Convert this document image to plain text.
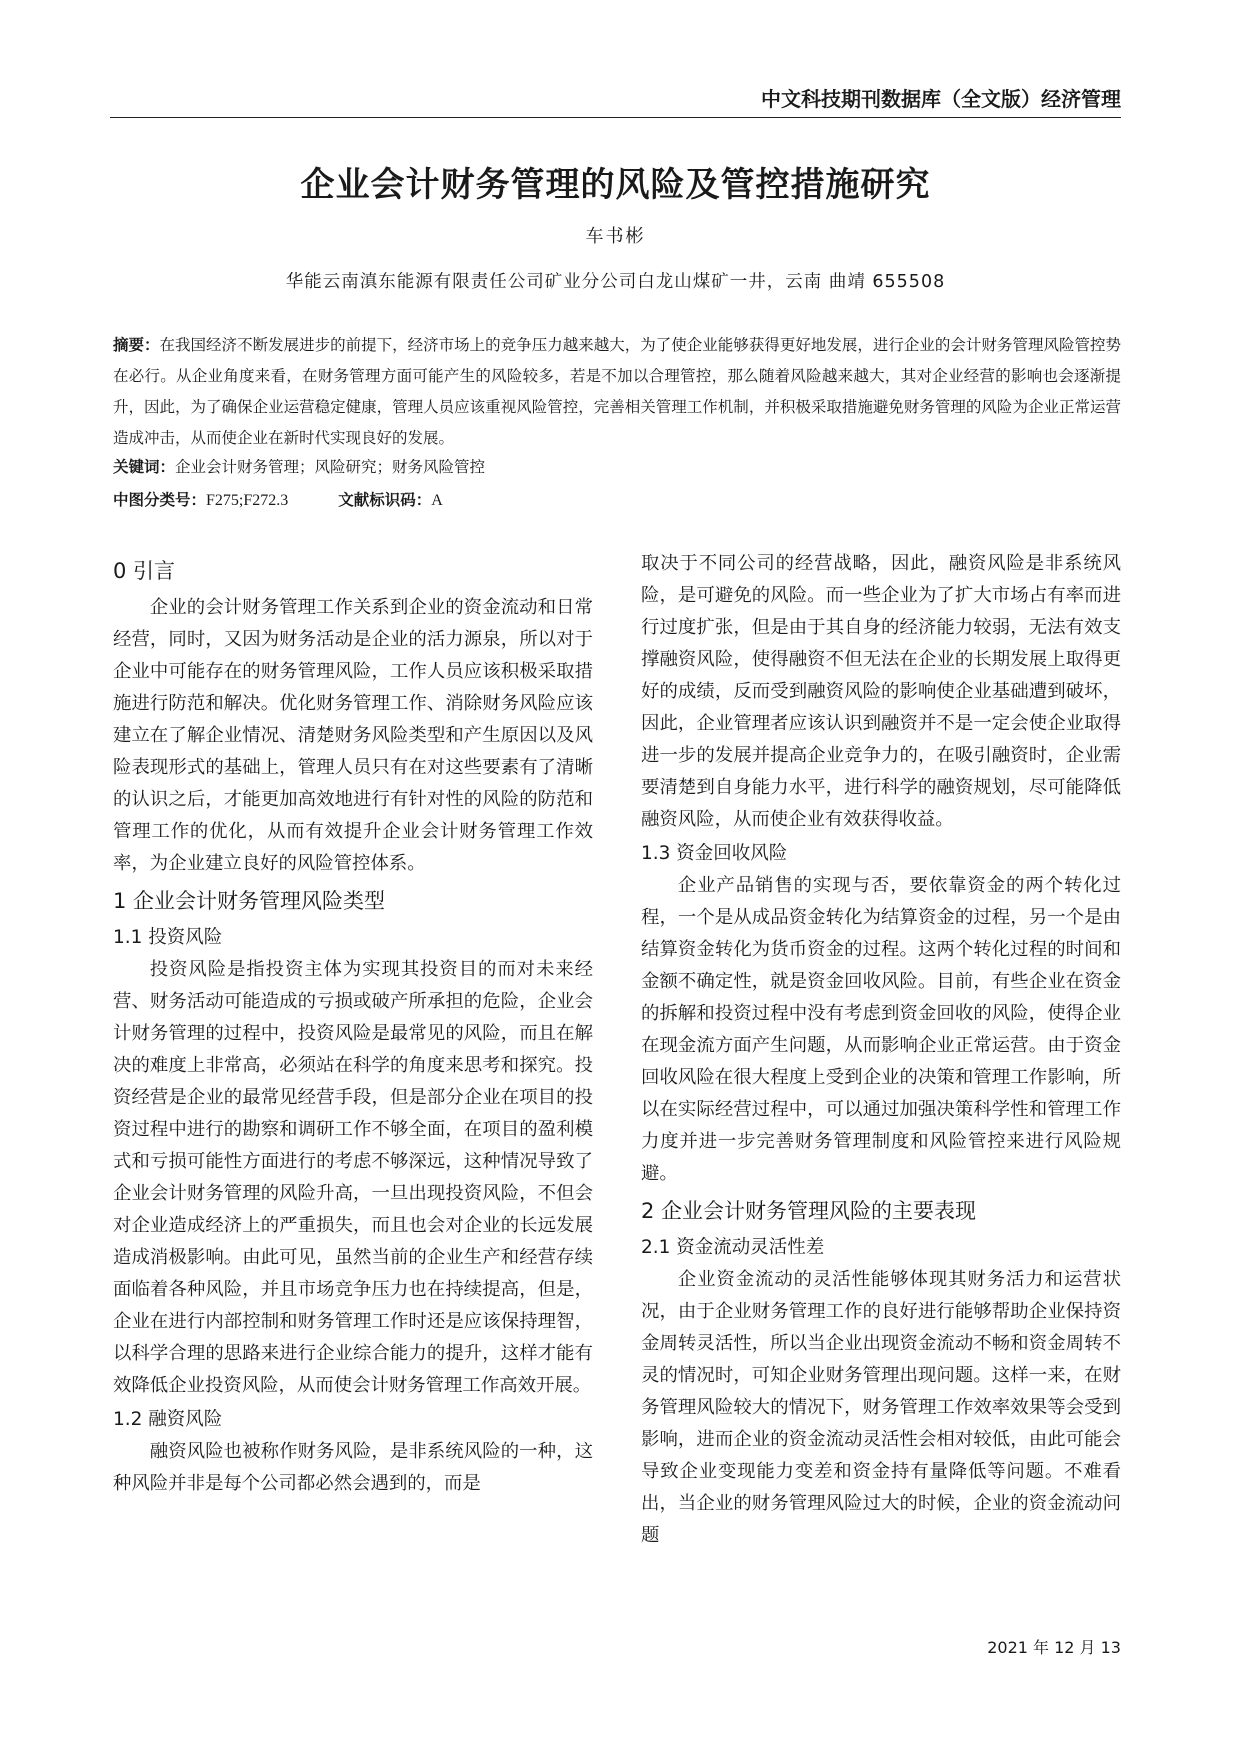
中文科技期刊数据库（全文版）经济管理
企业会计财务管理的风险及管控措施研究
车书彬
华能云南滇东能源有限责任公司矿业分公司白龙山煤矿一井，云南 曲靖 655508
摘要：在我国经济不断发展进步的前提下，经济市场上的竞争压力越来越大，为了使企业能够获得更好地发展，进行企业的会计财务管理风险管控势在必行。从企业角度来看，在财务管理方面可能产生的风险较多，若是不加以合理管控，那么随着风险越来越大，其对企业经营的影响也会逐渐提升，因此，为了确保企业运营稳定健康，管理人员应该重视风险管控，完善相关管理工作机制，并积极采取措施避免财务管理的风险为企业正常运营造成冲击，从而使企业在新时代实现良好的发展。
关键词：企业会计财务管理；风险研究；财务风险管控
中图分类号：F275;F272.3	文献标识码：A
0 引言

企业的会计财务管理工作关系到企业的资金流动和日常经营，同时，又因为财务活动是企业的活力源泉，所以对于企业中可能存在的财务管理风险，工作人员应该积极采取措施进行防范和解决。优化财务管理工作、消除财务风险应该建立在了解企业情况、清楚财务风险类型和产生原因以及风险表现形式的基础上，管理人员只有在对这些要素有了清晰的认识之后，才能更加高效地进行有针对性的风险的防范和管理工作的优化，从而有效提升企业会计财务管理工作效率，为企业建立良好的风险管控体系。

1 企业会计财务管理风险类型
1.1 投资风险

投资风险是指投资主体为实现其投资目的而对未来经营、财务活动可能造成的亏损或破产所承担的危险，企业会计财务管理的过程中，投资风险是最常见的风险，而且在解决的难度上非常高，必须站在科学的角度来思考和探究。投资经营是企业的最常见经营手段，但是部分企业在项目的投资过程中进行的勘察和调研工作不够全面，在项目的盈利模式和亏损可能性方面进行的考虑不够深远，这种情况导致了企业会计财务管理的风险升高，一旦出现投资风险，不但会对企业造成经济上的严重损失，而且也会对企业的长远发展造成消极影响。由此可见，虽然当前的企业生产和经营存续面临着各种风险，并且市场竞争压力也在持续提高，但是，企业在进行内部控制和财务管理工作时还是应该保持理智，以科学合理的思路来进行企业综合能力的提升，这样才能有效降低企业投资风险，从而使会计财务管理工作高效开展。

1.2 融资风险

融资风险也被称作财务风险，是非系统风险的一种，这种风险并非是每个公司都必然会遇到的，而是

取决于不同公司的经营战略，因此，融资风险是非系统风险，是可避免的风险。而一些企业为了扩大市场占有率而进行过度扩张，但是由于其自身的经济能力较弱，无法有效支撑融资风险，使得融资不但无法在企业的长期发展上取得更好的成绩，反而受到融资风险的影响使企业基础遭到破坏，因此，企业管理者应该认识到融资并不是一定会使企业取得进一步的发展并提高企业竞争力的，在吸引融资时，企业需要清楚到自身能力水平，进行科学的融资规划，尽可能降低融资风险，从而使企业有效获得收益。

1.3 资金回收风险

企业产品销售的实现与否，要依靠资金的两个转化过程，一个是从成品资金转化为结算资金的过程，另一个是由结算资金转化为货币资金的过程。这两个转化过程的时间和金额不确定性，就是资金回收风险。目前，有些企业在资金的拆解和投资过程中没有考虑到资金回收的风险，使得企业在现金流方面产生问题，从而影响企业正常运营。由于资金回收风险在很大程度上受到企业的决策和管理工作影响，所以在实际经营过程中，可以通过加强决策科学性和管理工作力度并进一步完善财务管理制度和风险管控来进行风险规避。

2 企业会计财务管理风险的主要表现
2.1 资金流动灵活性差

企业资金流动的灵活性能够体现其财务活力和运营状况，由于企业财务管理工作的良好进行能够帮助企业保持资金周转灵活性，所以当企业出现资金流动不畅和资金周转不灵的情况时，可知企业财务管理出现问题。这样一来，在财务管理风险较大的情况下，财务管理工作效率效果等会受到影响，进而企业的资金流动灵活性会相对较低，由此可能会导致企业变现能力变差和资金持有量降低等问题。不难看出，当企业的财务管理风险过大的时候，企业的资金流动问题

2021 年 12 月 13
